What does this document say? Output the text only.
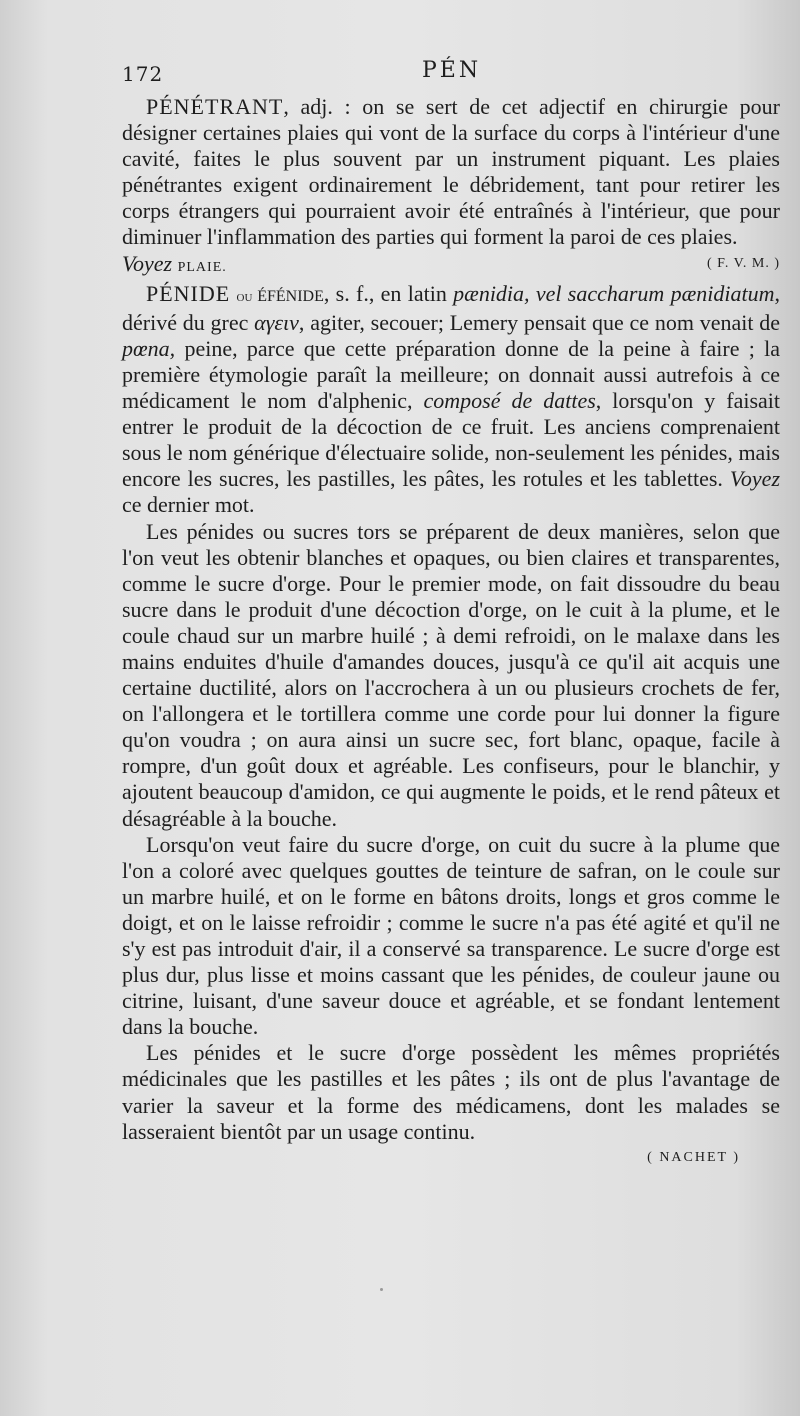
172	PÉN

PÉNÉTRANT, adj. : on se sert de cet adjectif en chirurgie pour désigner certaines plaies qui vont de la surface du corps à l'intérieur d'une cavité, faites le plus souvent par un instrument piquant. Les plaies pénétrantes exigent ordinairement le débridement, tant pour retirer les corps étrangers qui pourraient avoir été entraînés à l'intérieur, que pour diminuer l'inflammation des parties qui forment la paroi de ces plaies.

Voyez PLAIE.	( F. V. M. )

PÉNIDE ou ÉFÉNIDE, s. f., en latin pænidia, vel saccharum pænidiatum, dérivé du grec αγειν, agiter, secouer; Lemery pensait que ce nom venait de pœna, peine, parce que cette préparation donne de la peine à faire ; la première étymologie paraît la meilleure; on donnait aussi autrefois à ce médicament le nom d'alphenic, composé de dattes, lorsqu'on y faisait entrer le produit de la décoction de ce fruit. Les anciens comprenaient sous le nom générique d'électuaire solide, non-seulement les pénides, mais encore les sucres, les pastilles, les pâtes, les rotules et les tablettes. Voyez ce dernier mot.

Les pénides ou sucres tors se préparent de deux manières, selon que l'on veut les obtenir blanches et opaques, ou bien claires et transparentes, comme le sucre d'orge. Pour le premier mode, on fait dissoudre du beau sucre dans le produit d'une décoction d'orge, on le cuit à la plume, et le coule chaud sur un marbre huilé ; à demi refroidi, on le malaxe dans les mains enduites d'huile d'amandes douces, jusqu'à ce qu'il ait acquis une certaine ductilité, alors on l'accrochera à un ou plusieurs crochets de fer, on l'allongera et le tortillera comme une corde pour lui donner la figure qu'on voudra ; on aura ainsi un sucre sec, fort blanc, opaque, facile à rompre, d'un goût doux et agréable. Les confiseurs, pour le blanchir, y ajoutent beaucoup d'amidon, ce qui augmente le poids, et le rend pâteux et désagréable à la bouche.

Lorsqu'on veut faire du sucre d'orge, on cuit du sucre à la plume que l'on a coloré avec quelques gouttes de teinture de safran, on le coule sur un marbre huilé, et on le forme en bâtons droits, longs et gros comme le doigt, et on le laisse refroidir ; comme le sucre n'a pas été agité et qu'il ne s'y est pas introduit d'air, il a conservé sa transparence. Le sucre d'orge est plus dur, plus lisse et moins cassant que les pénides, de couleur jaune ou citrine, luisant, d'une saveur douce et agréable, et se fondant lentement dans la bouche.

Les pénides et le sucre d'orge possèdent les mêmes propriétés médicinales que les pastilles et les pâtes ; ils ont de plus l'avantage de varier la saveur et la forme des médicamens, dont les malades se lasseraient bientôt par un usage continu.

( NACHET )
